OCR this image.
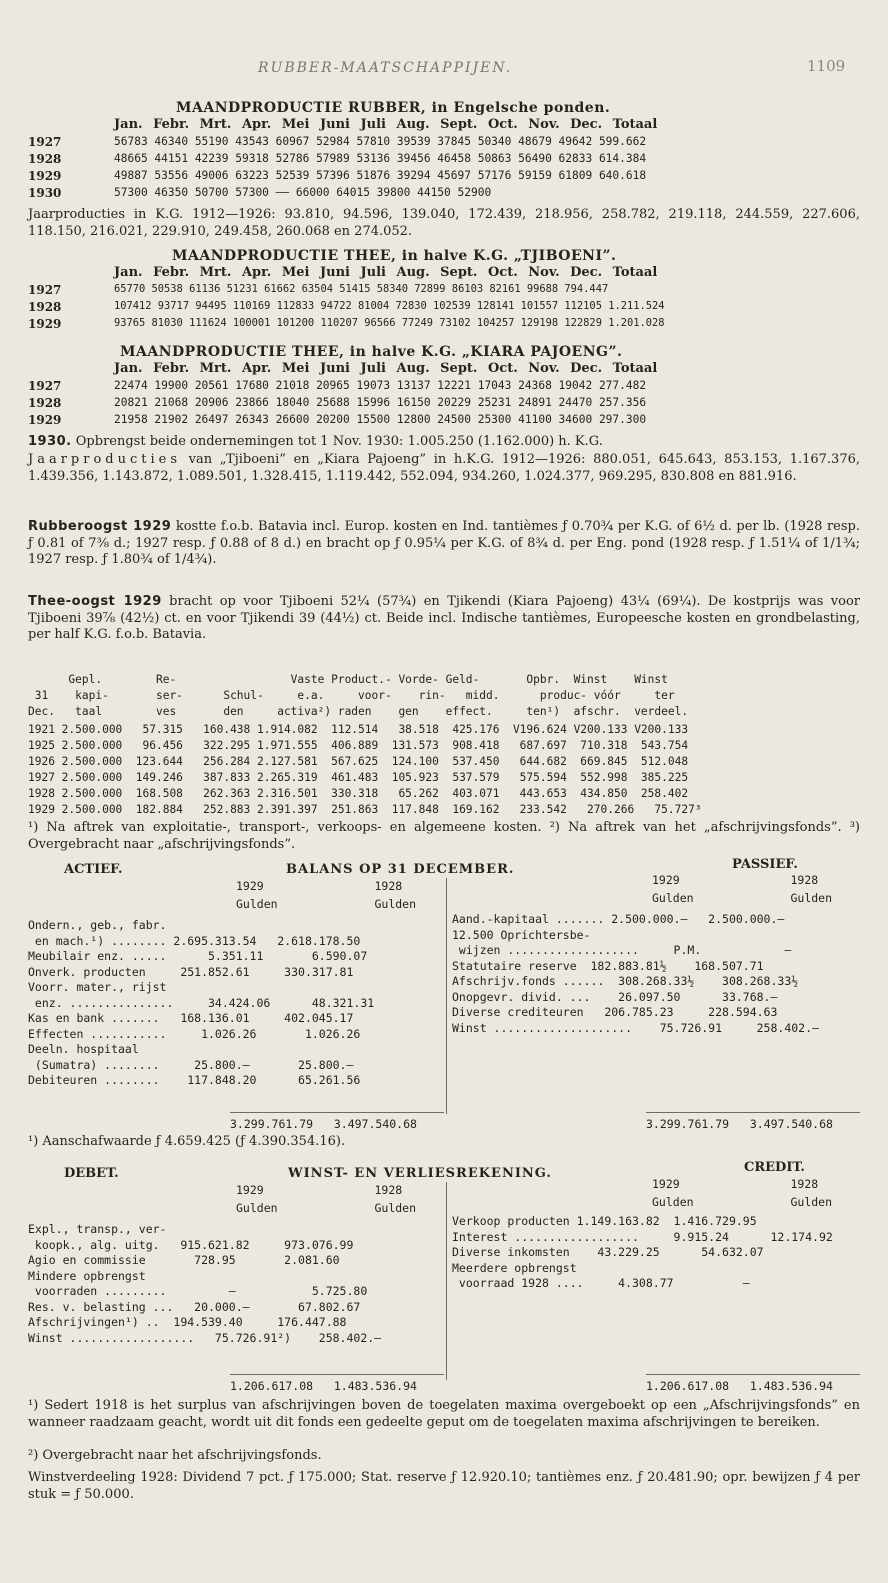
RUBBER-MAATSCHAPPIJEN.	1109
MAANDPRODUCTIE RUBBER, in Engelsche ponden.
Jan. Febr. Mrt. Apr. Mei Juni Juli Aug. Sept. Oct. Nov. Dec. Totaal
1927	56783 46340 55190 43543 60967 52984 57810 39539 37845 50340 48679 49642 599.662
1928	48665 44151 42239 59318 52786 57989 53136 39456 46458 50863 56490 62833 614.384
1929	49887 53556 49006 63223 52539 57396 51876 39294 45697 57176 59159 61809 640.618
1930	57300 46350 50700 57300 —— 66000 64015 39800 44150 52900
Jaarproducties in K.G. 1912—1926: 93.810, 94.596, 139.040, 172.439, 218.956, 258.782, 219.118, 244.559, 227.606, 118.150, 216.021, 229.910, 249.458, 260.068 en 274.052.
MAANDPRODUCTIE THEE, in halve K.G. „TJIBOENI”.
Jan. Febr. Mrt. Apr. Mei Juni Juli Aug. Sept. Oct. Nov. Dec. Totaal
1927	65770 50538 61136 51231 61662 63504 51415 58340 72899 86103 82161 99688 794.447
1928	107412 93717 94495 110169 112833 94722 81004 72830 102539 128141 101557 112105 1.211.524
1929	93765 81030 111624 100001 101200 110207 96566 77249 73102 104257 129198 122829 1.201.028
MAANDPRODUCTIE THEE, in halve K.G. „KIARA PAJOENG”.
Jan. Febr. Mrt. Apr. Mei Juni Juli Aug. Sept. Oct. Nov. Dec. Totaal
1927	22474 19900 20561 17680 21018 20965 19073 13137 12221 17043 24368 19042 277.482
1928	20821 21068 20906 23866 18040 25688 15996 16150 20229 25231 24891 24470 257.356
1929	21958 21902 26497 26343 26600 20200 15500 12800 24500 25300 41100 34600 297.300
1930. Opbrengst beide ondernemingen tot 1 Nov. 1930: 1.005.250 (1.162.000) h. K.G.
Jaarproducties van „Tjiboeni” en „Kiara Pajoeng” in h.K.G. 1912—1926: 880.051, 645.643, 853.153, 1.167.376, 1.439.356, 1.143.872, 1.089.501, 1.328.415, 1.119.442, 552.094, 934.260, 1.024.377, 969.295, 830.808 en 881.916.
Rubberoogst 1929 kostte f.o.b. Batavia incl. Europ. kosten en Ind. tantièmes ƒ 0.70¾ per K.G. of 6½ d. per lb. (1928 resp. ƒ 0.81 of 7⅜ d.; 1927 resp. ƒ 0.88 of 8 d.) en bracht op ƒ 0.95¼ per K.G. of 8¾ d. per Eng. pond (1928 resp. ƒ 1.51¼ of 1/1¾; 1927 resp. ƒ 1.80¾ of 1/4¾).
Thee-oogst 1929 bracht op voor Tjiboeni 52¼ (57¾) en Tjikendi (Kiara Pajoeng) 43¼ (69¼). De kostprijs was voor Tjiboeni 39⅞ (42½) ct. en voor Tjikendi 39 (44½) ct. Beide incl. Indische tantièmes, Europeesche kosten en grondbelasting, per half K.G. f.o.b. Batavia.
Gepl.        Re-                 Vaste Product.- Vorde- Geld-       Opbr.  Winst    Winst
31    kapi-       ser-      Schul-     e.a.     voor-    rin-   midd.      produc- vóór     ter
Dec.   taal        ves       den     activa²) raden    gen    effect.     ten¹)  afschr.  verdeel.
1921 2.500.000   57.315   160.438 1.914.082  112.514   38.518  425.176  V196.624 V200.133 V200.133
1925 2.500.000   96.456   322.295 1.971.555  406.889  131.573  908.418   687.697  710.318  543.754
1926 2.500.000  123.644   256.284 2.127.581  567.625  124.100  537.450   644.682  669.845  512.048
1927 2.500.000  149.246   387.833 2.265.319  461.483  105.923  537.579   575.594  552.998  385.225
1928 2.500.000  168.508   262.363 2.316.501  330.318   65.262  403.071   443.653  434.850  258.402
1929 2.500.000  182.884   252.883 2.391.397  251.863  117.848  169.162   233.542   270.266   75.727³
¹) Na aftrek van exploitatie-, transport-, verkoops- en algemeene kosten. ²) Na aftrek van het „afschrijvingsfonds”. ³) Overgebracht naar „afschrijvingsfonds”.
ACTIEF.	BALANS OP 31 DECEMBER.	PASSIEF.
1929                1928
Gulden              Gulden
1929                1928
Gulden              Gulden
Ondern., geb., fabr.
en mach.¹) ........ 2.695.313.54   2.618.178.50
Meubilair enz. .....      5.351.11       6.590.07
Onverk. producten     251.852.61     330.317.81
Voorr. mater., rijst
enz. ...............     34.424.06      48.321.31
Kas en bank .......   168.136.01     402.045.17
Effecten ...........     1.026.26       1.026.26
Deeln. hospitaal
(Sumatra) ........     25.800.—       25.800.—
Debiteuren ........    117.848.20      65.261.56
Aand.-kapitaal ....... 2.500.000.—   2.500.000.—
12.500 Oprichtersbe-
wijzen ...................     P.M.            —
Statutaire reserve  182.883.81½    168.507.71
Afschrijv.fonds ......  308.268.33½    308.268.33½
Onopgevr. divid. ...    26.097.50      33.768.—
Diverse crediteuren   206.785.23     228.594.63
Winst ....................    75.726.91     258.402.—
3.299.761.79   3.497.540.68	3.299.761.79   3.497.540.68
¹) Aanschafwaarde ƒ 4.659.425 (ƒ 4.390.354.16).
DEBET.	WINST- EN VERLIESREKENING.	CREDIT.
1929                1928
Gulden              Gulden
1929                1928
Gulden              Gulden
Expl., transp., ver-
koopk., alg. uitg.   915.621.82     973.076.99
Agio en commissie       728.95       2.081.60
Mindere opbrengst
voorraden .........         —           5.725.80
Res. v. belasting ...   20.000.—       67.802.67
Afschrijvingen¹) ..  194.539.40     176.447.88
Winst ..................   75.726.91²)    258.402.—
Verkoop producten 1.149.163.82  1.416.729.95
Interest ..................     9.915.24      12.174.92
Diverse inkomsten    43.229.25      54.632.07
Meerdere opbrengst
voorraad 1928 ....     4.308.77          —
1.206.617.08   1.483.536.94	1.206.617.08   1.483.536.94
¹) Sedert 1918 is het surplus van afschrijvingen boven de toegelaten maxima overgeboekt op een „Afschrijvingsfonds” en wanneer raadzaam geacht, wordt uit dit fonds een gedeelte geput om de toegelaten maxima afschrijvingen te bereiken.
²) Overgebracht naar het afschrijvingsfonds.
Winstverdeeling 1928: Dividend 7 pct. ƒ 175.000; Stat. reserve ƒ 12.920.10; tantièmes enz. ƒ 20.481.90; opr. bewijzen ƒ 4 per stuk = ƒ 50.000.
